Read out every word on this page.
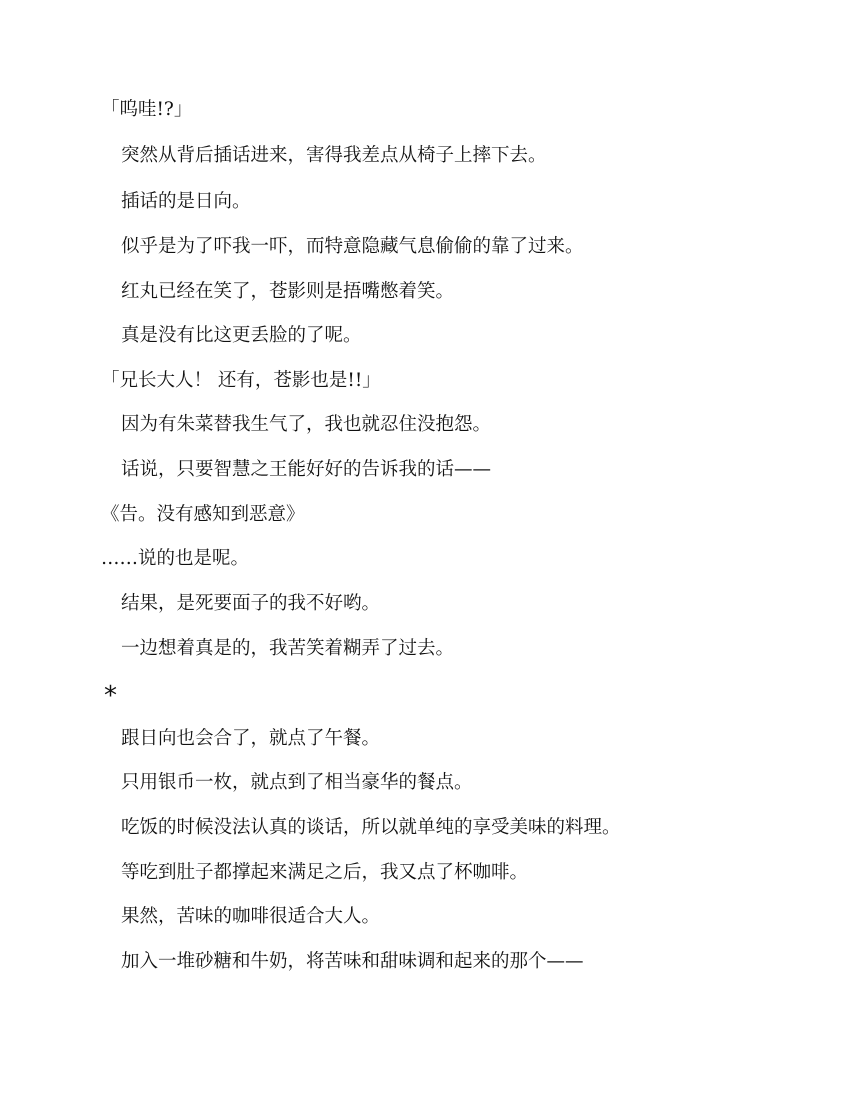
「呜哇!?」
突然从背后插话进来，害得我差点从椅子上摔下去。
插话的是日向。
似乎是为了吓我一吓，而特意隐藏气息偷偷的靠了过来。
红丸已经在笑了，苍影则是捂嘴憋着笑。
真是没有比这更丢脸的了呢。
「兄长大人！ 还有，苍影也是!!」
因为有朱菜替我生气了，我也就忍住没抱怨。
话说，只要智慧之王能好好的告诉我的话——
《告。没有感知到恶意》
……说的也是呢。
结果，是死要面子的我不好哟。
一边想着真是的，我苦笑着糊弄了过去。
*
跟日向也会合了，就点了午餐。
只用银币一枚，就点到了相当豪华的餐点。
吃饭的时候没法认真的谈话，所以就单纯的享受美味的料理。
等吃到肚子都撑起来满足之后，我又点了杯咖啡。
果然，苦味的咖啡很适合大人。
加入一堆砂糖和牛奶，将苦味和甜味调和起来的那个——
